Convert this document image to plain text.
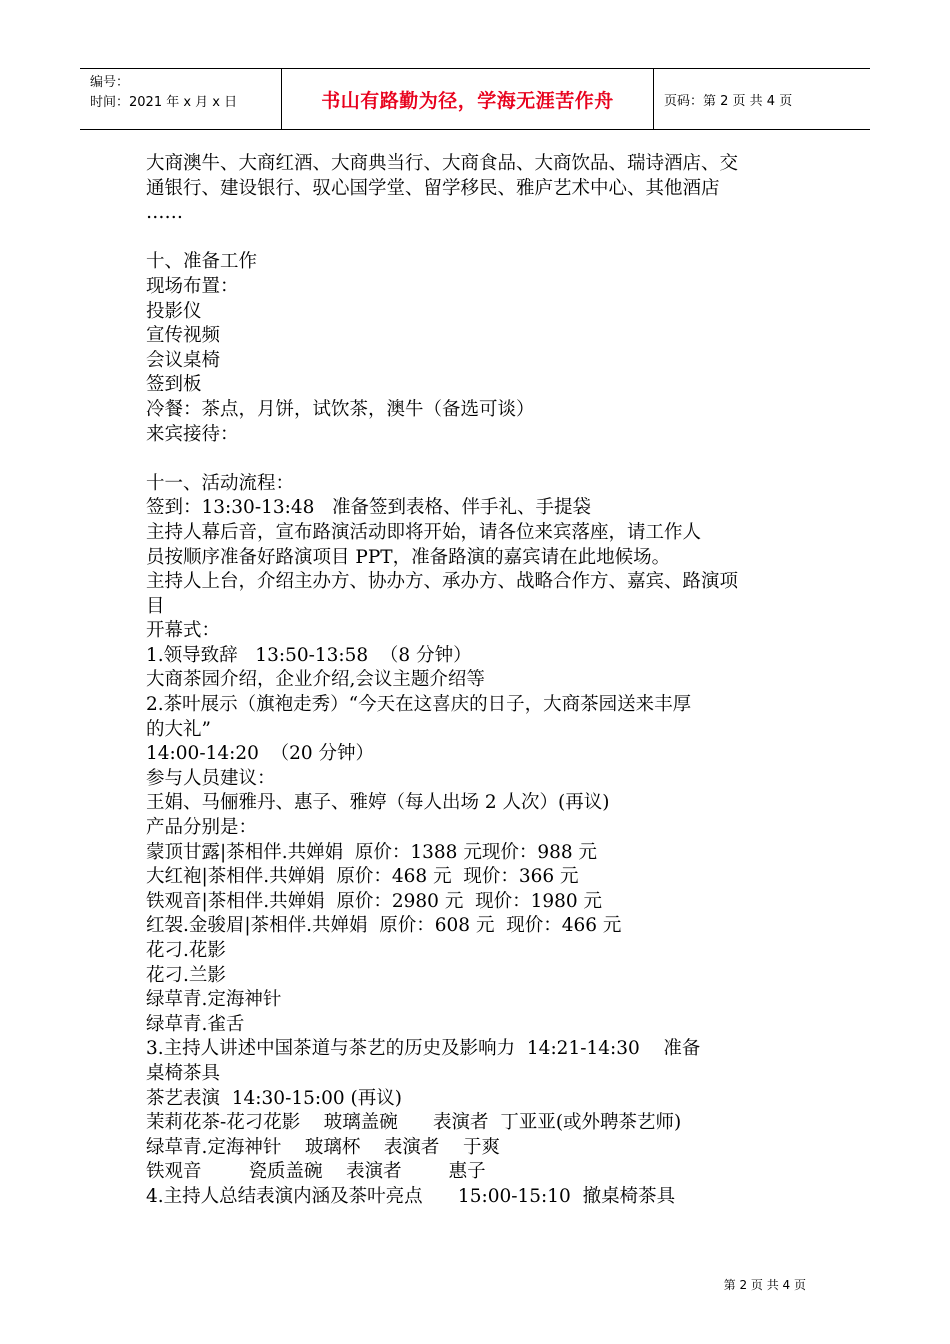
编号：
时间：2021 年 x 月 x 日	书山有路勤为径，学海无涯苦作舟	页码：第 2 页 共 4 页
大商澳牛、大商红酒、大商典当行、大商食品、大商饮品、瑞诗酒店、交
通银行、建设银行、驭心国学堂、留学移民、雅庐艺术中心、其他酒店
……
十、准备工作
现场布置：
投影仪
宣传视频
会议桌椅
签到板
冷餐：茶点，月饼，试饮茶，澳牛（备选可谈）
来宾接待：
十一、活动流程：
签到：13:30-13:48   准备签到表格、伴手礼、手提袋
主持人幕后音，宣布路演活动即将开始，请各位来宾落座，请工作人
员按顺序准备好路演项目 PPT，准备路演的嘉宾请在此地候场。
主持人上台，介绍主办方、协办方、承办方、战略合作方、嘉宾、路演项
目
开幕式：
1.领导致辞   13:50-13:58  （8 分钟）
大商茶园介绍，企业介绍,会议主题介绍等
2.茶叶展示（旗袍走秀）“今天在这喜庆的日子，大商茶园送来丰厚
的大礼”
14:00-14:20  （20 分钟）
参与人员建议：
王娟、马俪雅丹、惠子、雅婷（每人出场 2 人次）(再议)
产品分别是：
蒙顶甘露|茶相伴.共婵娟  原价：1388 元现价：988 元
大红袍|茶相伴.共婵娟  原价：468 元  现价：366 元
铁观音|茶相伴.共婵娟  原价：2980 元  现价：1980 元
红袈.金骏眉|茶相伴.共婵娟  原价：608 元  现价：466 元
花刁.花影
花刁.兰影
绿草青.定海神针
绿草青.雀舌
3.主持人讲述中国茶道与茶艺的历史及影响力  14:21-14:30    准备
桌椅茶具
茶艺表演  14:30-15:00 (再议)
茉莉花茶-花刁花影    玻璃盖碗      表演者  丁亚亚(或外聘茶艺师)
绿草青.定海神针    玻璃杯    表演者    于爽
铁观音        瓷质盖碗    表演者        惠子
4.主持人总结表演内涵及茶叶亮点      15:00-15:10  撤桌椅茶具
第 2 页 共 4 页
